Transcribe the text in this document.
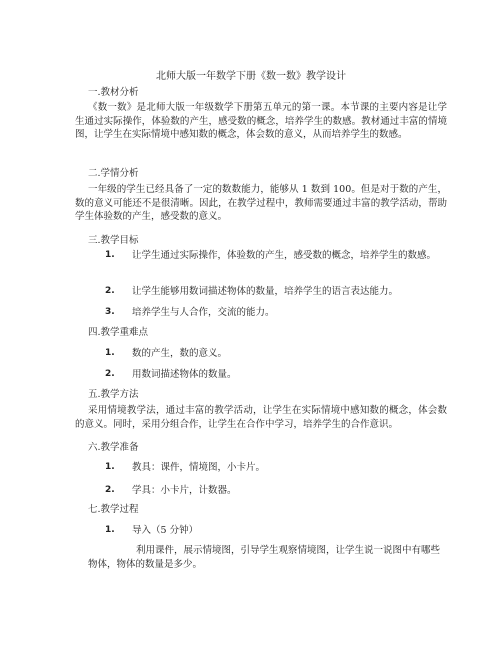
北师大版一年数学下册《数一数》教学设计
一.教材分析

《数一数》是北师大版一年级数学下册第五单元的第一课。本节课的主要内容是让学生通过实际操作，体验数的产生，感受数的概念，培养学生的数感。教材通过丰富的情境图，让学生在实际情境中感知数的概念，体会数的意义，从而培养学生的数感。

二.学情分析

一年级的学生已经具备了一定的数数能力，能够从 1 数到 100。但是对于数的产生，数的意义可能还不是很清晰。因此，在教学过程中，教师需要通过丰富的教学活动，帮助学生体验数的产生，感受数的意义。

三.教学目标
1.	让学生通过实际操作，体验数的产生，感受数的概念，培养学生的数感。
2.	让学生能够用数词描述物体的数量，培养学生的语言表达能力。
3.	培养学生与人合作，交流的能力。
四.教学重难点
1.	数的产生，数的意义。
2.	用数词描述物体的数量。
五.教学方法

采用情境教学法，通过丰富的教学活动，让学生在实际情境中感知数的概念，体会数的意义。同时，采用分组合作，让学生在合作中学习，培养学生的合作意识。

六.教学准备
1.	教具：课件，情境图，小卡片。
2.	学具：小卡片，计数器。
七.教学过程
1.	导入（5 分钟）

利用课件，展示情境图，引导学生观察情境图，让学生说一说图中有哪些物体，物体的数量是多少。
